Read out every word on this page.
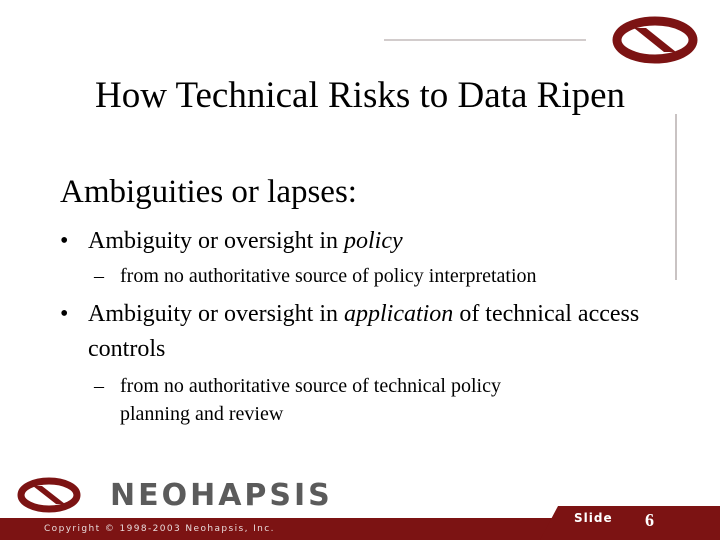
How Technical Risks to Data Ripen
Ambiguities or lapses:
• Ambiguity or oversight in policy
– from no authoritative source of policy interpretation
• Ambiguity or oversight in application of technical access controls
– from no authoritative source of technical policy planning and review
NEOHAPSIS
Copyright © 1998-2003 Neohapsis, Inc.
Slide 6
